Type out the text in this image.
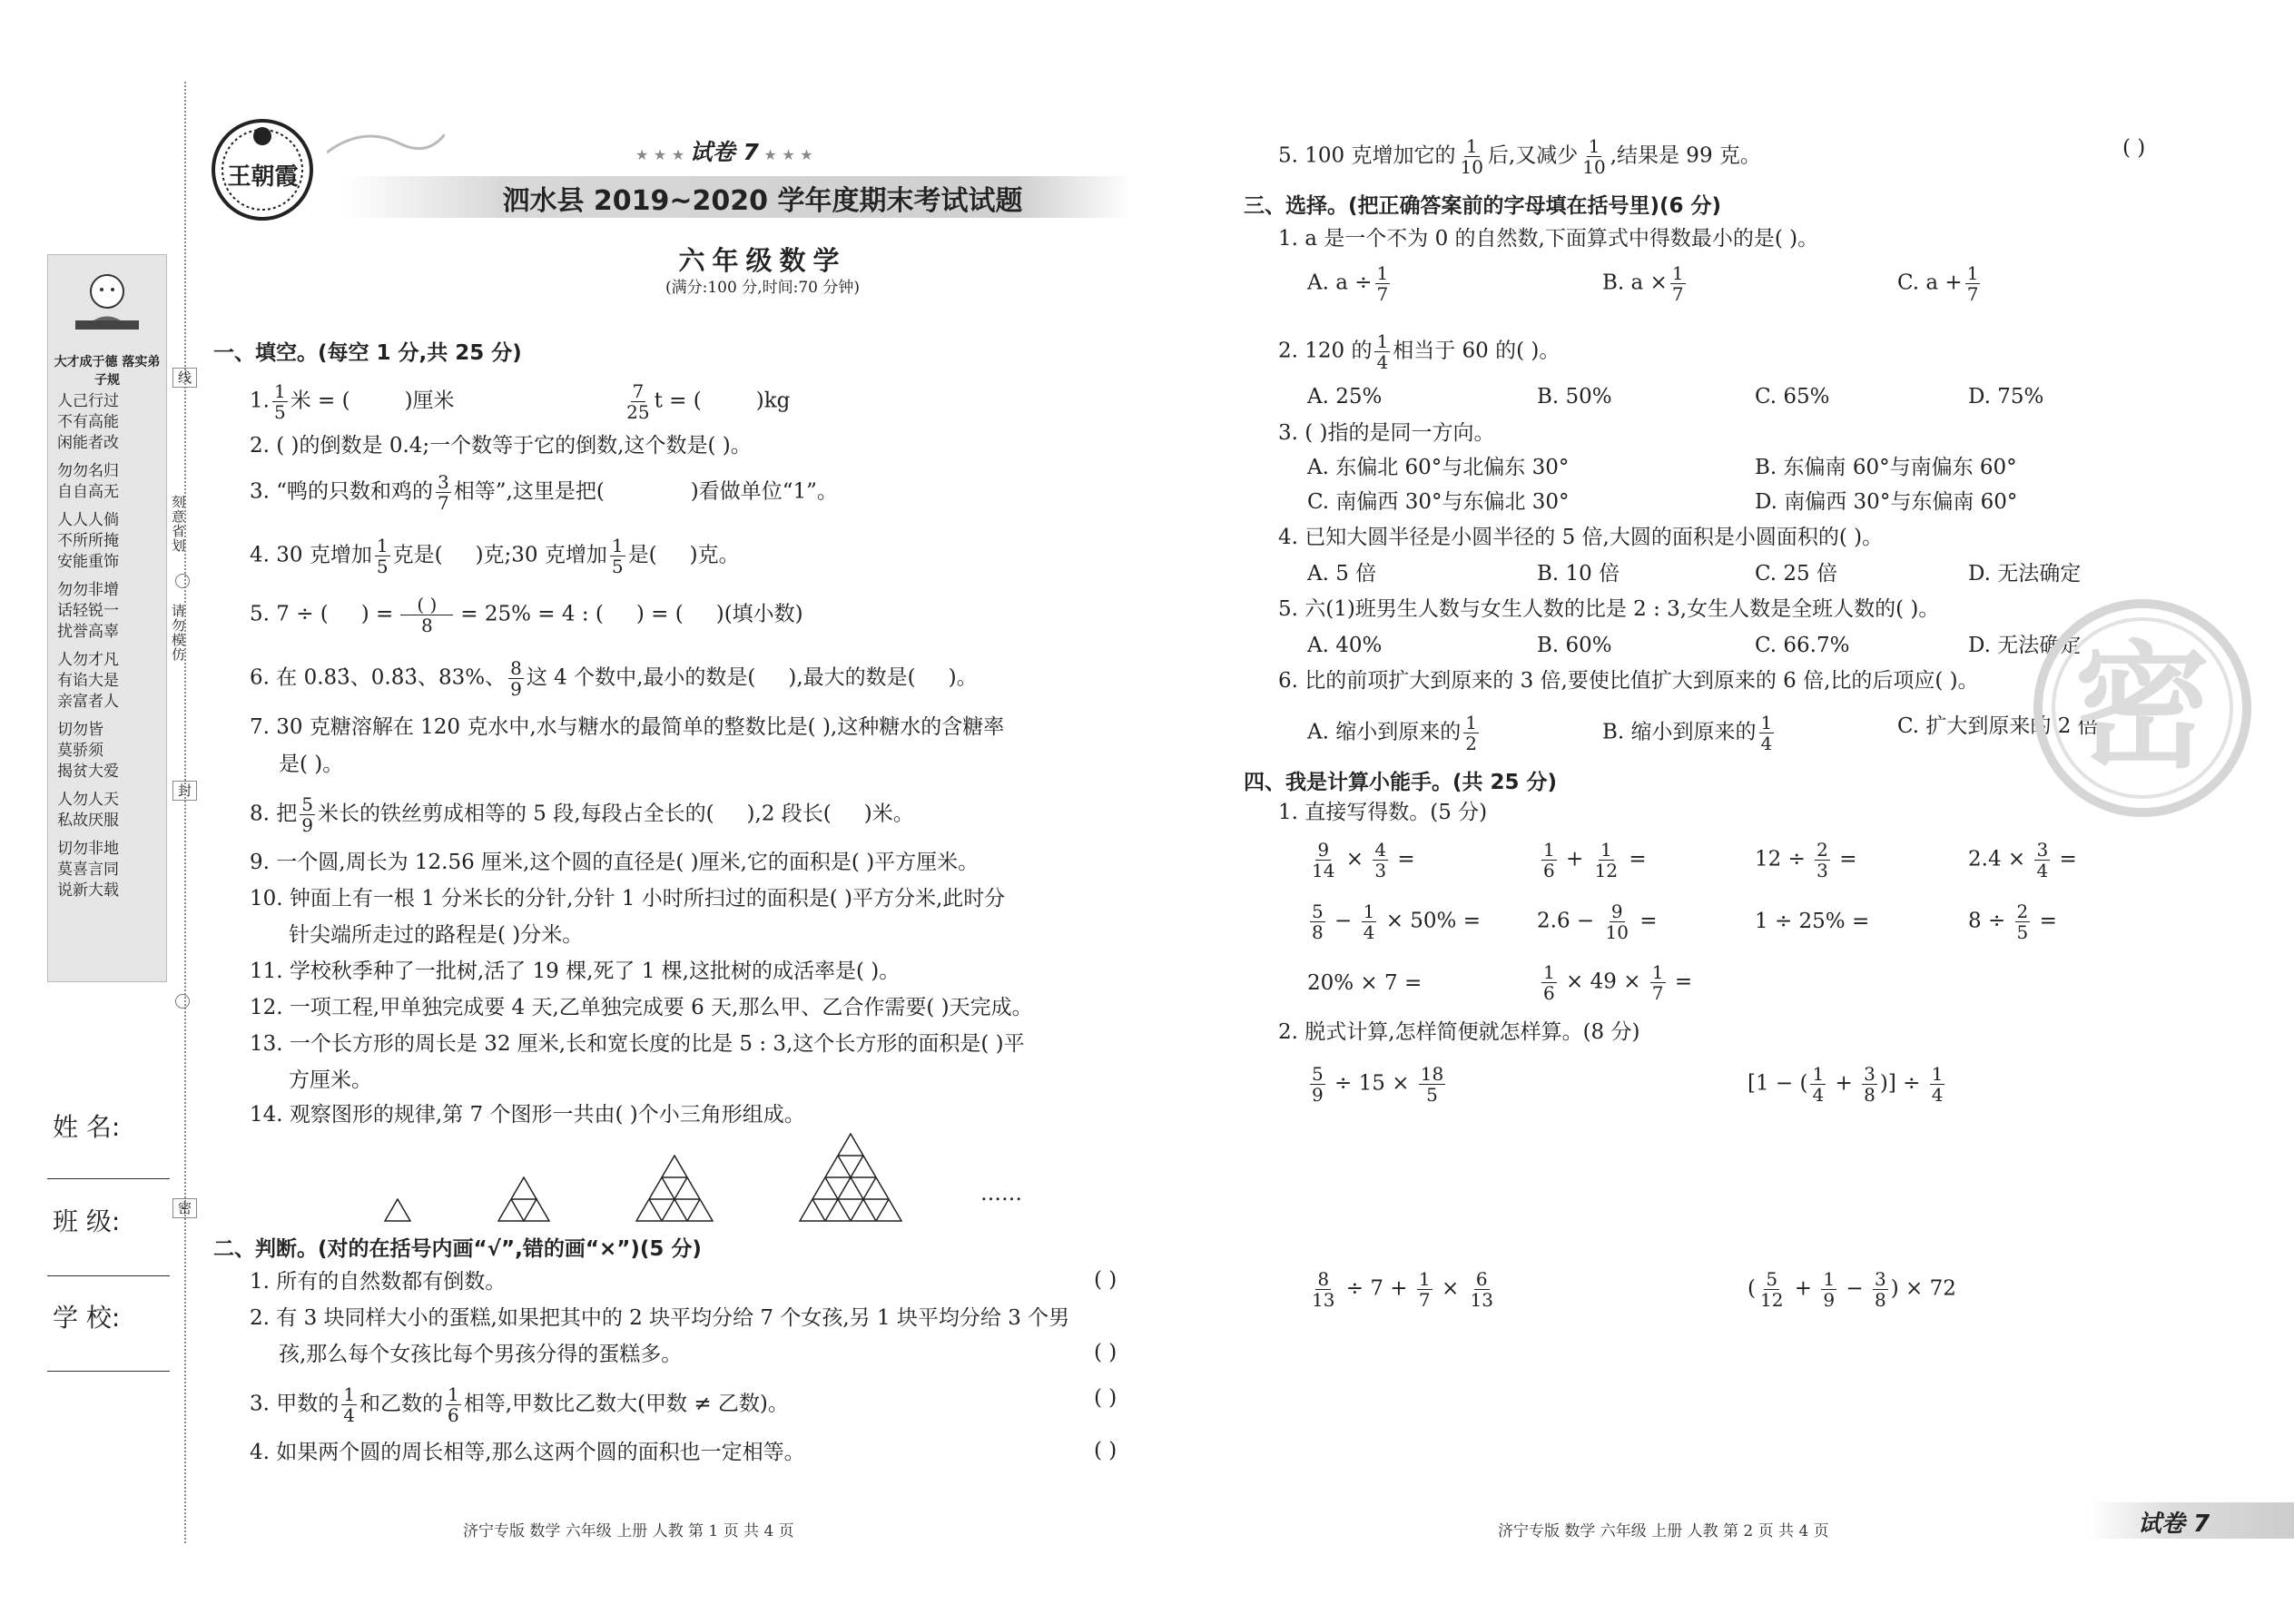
大才成于德 落实弟子规
人己行过
不有高能
闲能者改
勿勿名归
自自高无
人人人倘
不所所掩
安能重饰
勿勿非增
话轻锐一
扰誉高辜
人勿才凡
有谄大是
亲富者人
切勿皆
莫骄须
揭贫大爱
人勿人天
私故厌服
切勿非地
莫喜言同
说新大载
线
刻意省划
请勿模仿
封
密
姓 名:
班 级:
学 校:
王朝霞
★ ★ ★ 试卷 7 ★ ★ ★
泗水县 2019~2020 学年度期末考试试题
六年级数学
(满分:100 分,时间:70 分钟)
一、填空。(每空 1 分,共 25 分)
1. $\frac{1}{5}$ 米 = (	)厘米	$\frac{7}{25}$ t = (	)kg
2. ( )的倒数是 0.4;一个数等于它的倒数,这个数是( )。
3. “鸭的只数和鸡的 $\frac{3}{7}$ 相等”,这里是把(	)看做单位“1”。
4. 30 克增加 $\frac{1}{5}$ 克是( )克;30 克增加 $\frac{1}{5}$ 是( )克。
5. 7 ÷ ( ) = $\frac{( )}{8} = 25\% = 4$ : ( ) = ( )(填小数)
6. 在 0.83̇、0.8̇3̇、83%、 $\frac{8}{9}$ 这 4 个数中,最小的数是( ),最大的数是( )。
7. 30 克糖溶解在 120 克水中,水与糖水的最简单的整数比是( ),这种糖水的含糖率
是( )。
8. 把 $\frac{5}{9}$ 米长的铁丝剪成相等的 5 段,每段占全长的( ),2 段长( )米。
9. 一个圆,周长为 12.56 厘米,这个圆的直径是( )厘米,它的面积是( )平方厘米。
10. 钟面上有一根 1 分米长的分针,分针 1 小时所扫过的面积是( )平方分米,此时分
针尖端所走过的路程是( )分米。
11. 学校秋季种了一批树,活了 19 棵,死了 1 棵,这批树的成活率是( )。
12. 一项工程,甲单独完成要 4 天,乙单独完成要 6 天,那么甲、乙合作需要( )天完成。
13. 一个长方形的周长是 32 厘米,长和宽长度的比是 5 : 3,这个长方形的面积是( )平
方厘米。
14. 观察图形的规律,第 7 个图形一共由( )个小三角形组成。
……
二、判断。(对的在括号内画“√”,错的画“×”)(5 分)
1. 所有的自然数都有倒数。	( )
2. 有 3 块同样大小的蛋糕,如果把其中的 2 块平均分给 7 个女孩,另 1 块平均分给 3 个男
孩,那么每个女孩比每个男孩分得的蛋糕多。	( )
3. 甲数的 $\frac{1}{4}$ 和乙数的 $\frac{1}{6}$ 相等,甲数比乙数大(甲数 ≠ 乙数)。	( )
4. 如果两个圆的周长相等,那么这两个圆的面积也一定相等。	( )
济宁专版 数学 六年级 上册 人教 第 1 页 共 4 页
5. 100 克增加它的 $\frac{1}{10}$ 后,又减少 $\frac{1}{10}$ ,结果是 99 克。	( )
三、选择。(把正确答案前的字母填在括号里)(6 分)
1. a 是一个不为 0 的自然数,下面算式中得数最小的是( )。
A. $a \div \frac{1}{7}$	B. $a \times \frac{1}{7}$	C. $a + \frac{1}{7}$
2. 120 的 $\frac{1}{4}$ 相当于 60 的( )。
A. 25%	B. 50%	C. 65%	D. 75%
3. ( )指的是同一方向。
A. 东偏北 60°与北偏东 30°	B. 东偏南 60°与南偏东 60°
C. 南偏西 30°与东偏北 30°	D. 南偏西 30°与东偏南 60°
4. 已知大圆半径是小圆半径的 5 倍,大圆的面积是小圆面积的( )。
A. 5 倍	B. 10 倍	C. 25 倍	D. 无法确定
5. 六(1)班男生人数与女生人数的比是 2 : 3,女生人数是全班人数的( )。
A. 40%	B. 60%	C. 66.7%	D. 无法确定
6. 比的前项扩大到原来的 3 倍,要使比值扩大到原来的 6 倍,比的后项应( )。
A. 缩小到原来的 $\frac{1}{2}$	B. 缩小到原来的 $\frac{1}{4}$	C. 扩大到原来的 2 倍
密
四、我是计算小能手。(共 25 分)
1. 直接写得数。(5 分)
$\frac{9}{14} \times \frac{4}{3}$ =	$\frac{1}{6} + \frac{1}{12}$ =	$12 \div \frac{2}{3}$ =	$2.4 \times \frac{3}{4}$ =
$\frac{5}{8} - \frac{1}{4} \times 50\%$ =	$2.6 - \frac{9}{10}$ =	1 ÷ 25% =	$8 \div \frac{2}{5}$ =
20% × 7 =	$\frac{1}{6} \times 49 \times \frac{1}{7}$ =
2. 脱式计算,怎样简便就怎样算。(8 分)
$\frac{5}{9} \div 15 \times \frac{18}{5}$	[1 − ( $\frac{1}{4} + \frac{3}{8}$ )] ÷ $\frac{1}{4}$
$\frac{8}{13} \div 7 + \frac{1}{7} \times \frac{6}{13}$	( $\frac{5}{12} + \frac{1}{9} - \frac{3}{8}$ ) × 72
济宁专版 数学 六年级 上册 人教 第 2 页 共 4 页	试卷 7
